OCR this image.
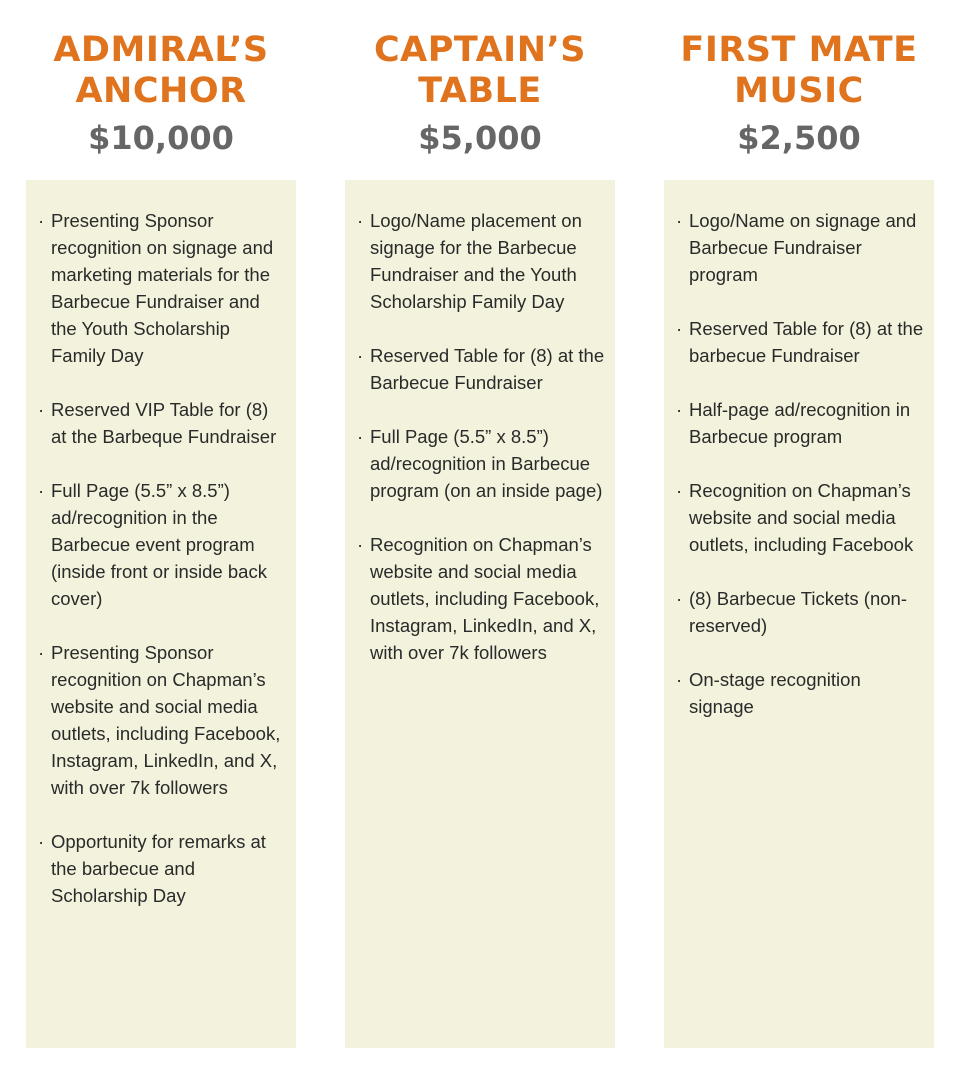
ADMIRAL’S
ANCHOR
$10,000
· Presenting Sponsor recognition on signage and marketing materials for the Barbecue Fundraiser and the Youth Scholarship Family Day
· Reserved VIP Table for (8) at the Barbeque Fundraiser
· Full Page (5.5” x 8.5”) ad/recognition in the Barbecue event program (inside front or inside back cover)
· Presenting Sponsor recognition on Chapman’s website and social media outlets, including Facebook, Instagram, LinkedIn, and X, with over 7k followers
· Opportunity for remarks at the barbecue and Scholarship Day
CAPTAIN’S
TABLE
$5,000
· Logo/Name placement on signage for the Barbecue Fundraiser and the Youth Scholarship Family Day
· Reserved Table for (8) at the Barbecue Fundraiser
· Full Page (5.5” x 8.5”) ad/recognition in Barbecue program (on an inside page)
· Recognition on Chapman’s website and social media outlets, including Facebook, Instagram, LinkedIn, and X, with over 7k followers
FIRST MATE
MUSIC
$2,500
· Logo/Name on signage and Barbecue Fundraiser program
· Reserved Table for (8) at the barbecue Fundraiser
· Half-page ad/recognition in Barbecue program
· Recognition on Chapman’s website and social media outlets, including Facebook
· (8) Barbecue Tickets (non-reserved)
· On-stage recognition signage
